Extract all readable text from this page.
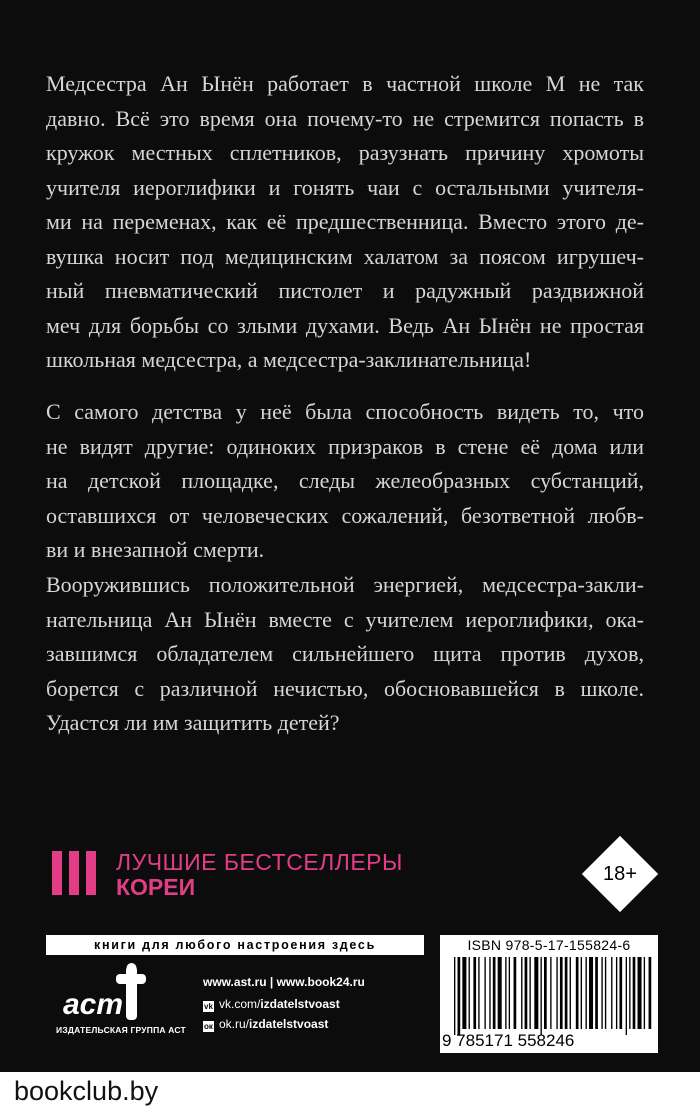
Медсестра Ан Ынён работает в частной школе М не так
давно. Всё это время она почему-то не стремится попасть в
кружок местных сплетников, разузнать причину хромоты
учителя иероглифики и гонять чаи с остальными учителя-
ми на переменах, как её предшественница. Вместо этого де-
вушка носит под медицинским халатом за поясом игрушеч-
ный пневматический пистолет и радужный раздвижной
меч для борьбы со злыми духами. Ведь Ан Ынён не простая
школьная медсестра, а медсестра-заклинательница!
С самого детства у неё была способность видеть то, что
не видят другие: одиноких призраков в стене её дома или
на детской площадке, следы желеобразных субстанций,
оставшихся от человеческих сожалений, безответной любв-
ви и внезапной смерти.
Вооружившись положительной энергией, медсестра-закли-
нательница Ан Ынён вместе с учителем иероглифики, ока-
завшимся обладателем сильнейшего щита против духов,
борется с различной нечистью, обосновавшейся в школе.
Удастся ли им защитить детей?
ЛУЧШИЕ БЕСТСЕЛЛЕРЫ
КОРЕИ	18+
книги для любого настроения здесь
аст
ИЗДАТЕЛЬСКАЯ ГРУППА АСТ
www.ast.ru | www.book24.ru
vk vk.com/izdatelstvoast
ок ok.ru/izdatelstvoast
ISBN 978-5-17-155824-6
9 785171 558246
bookclub.by
